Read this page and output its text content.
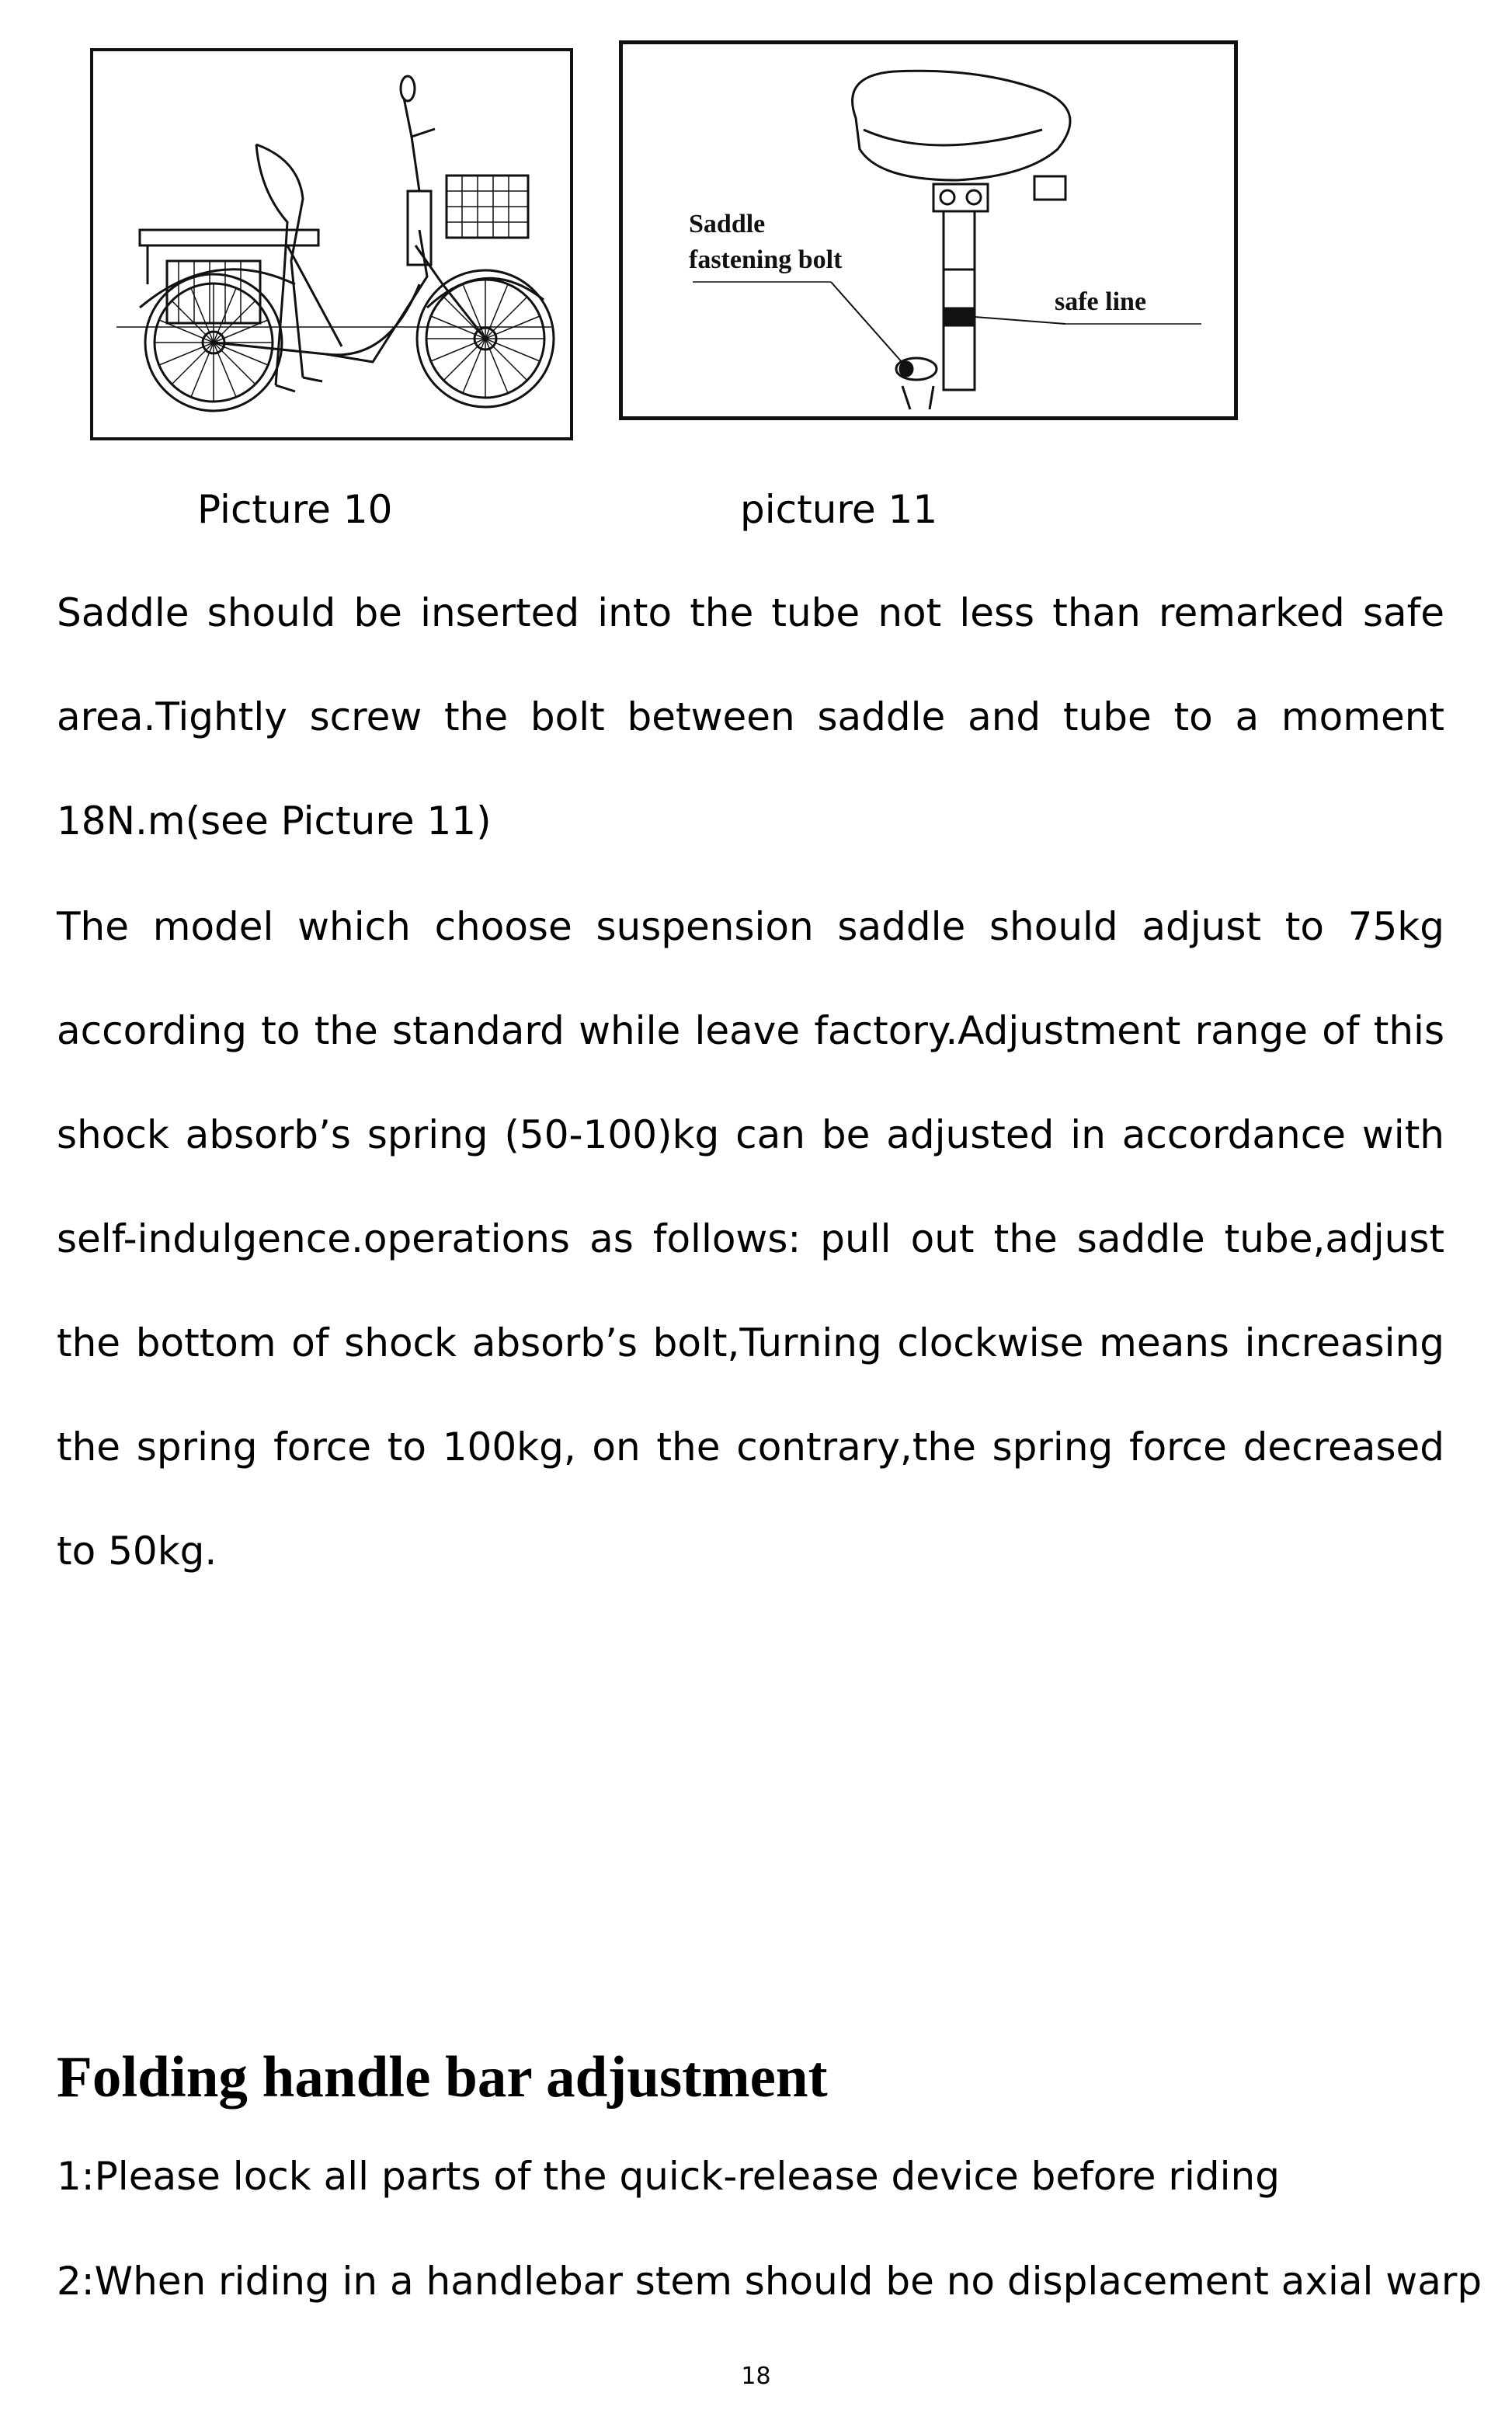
Saddle
fastening bolt
safe line
Picture 10	picture 11
Saddle should be inserted into the tube not less than remarked safe area.Tightly screw the bolt between saddle and tube to a moment 18N.m(see Picture 11)
The model which choose suspension saddle should adjust to 75kg according to the standard while leave factory.Adjustment range of this shock absorb’s spring (50-100)kg can be adjusted in accordance with self-indulgence.operations as follows: pull out the saddle tube,adjust the bottom of shock absorb’s bolt,Turning clockwise means increasing the spring force to 100kg, on the contrary,the spring force decreased to 50kg.
Folding handle bar adjustment
1:Please lock all parts of the quick-release device before riding
2:When riding in a handlebar stem should be no displacement axial warp
18
